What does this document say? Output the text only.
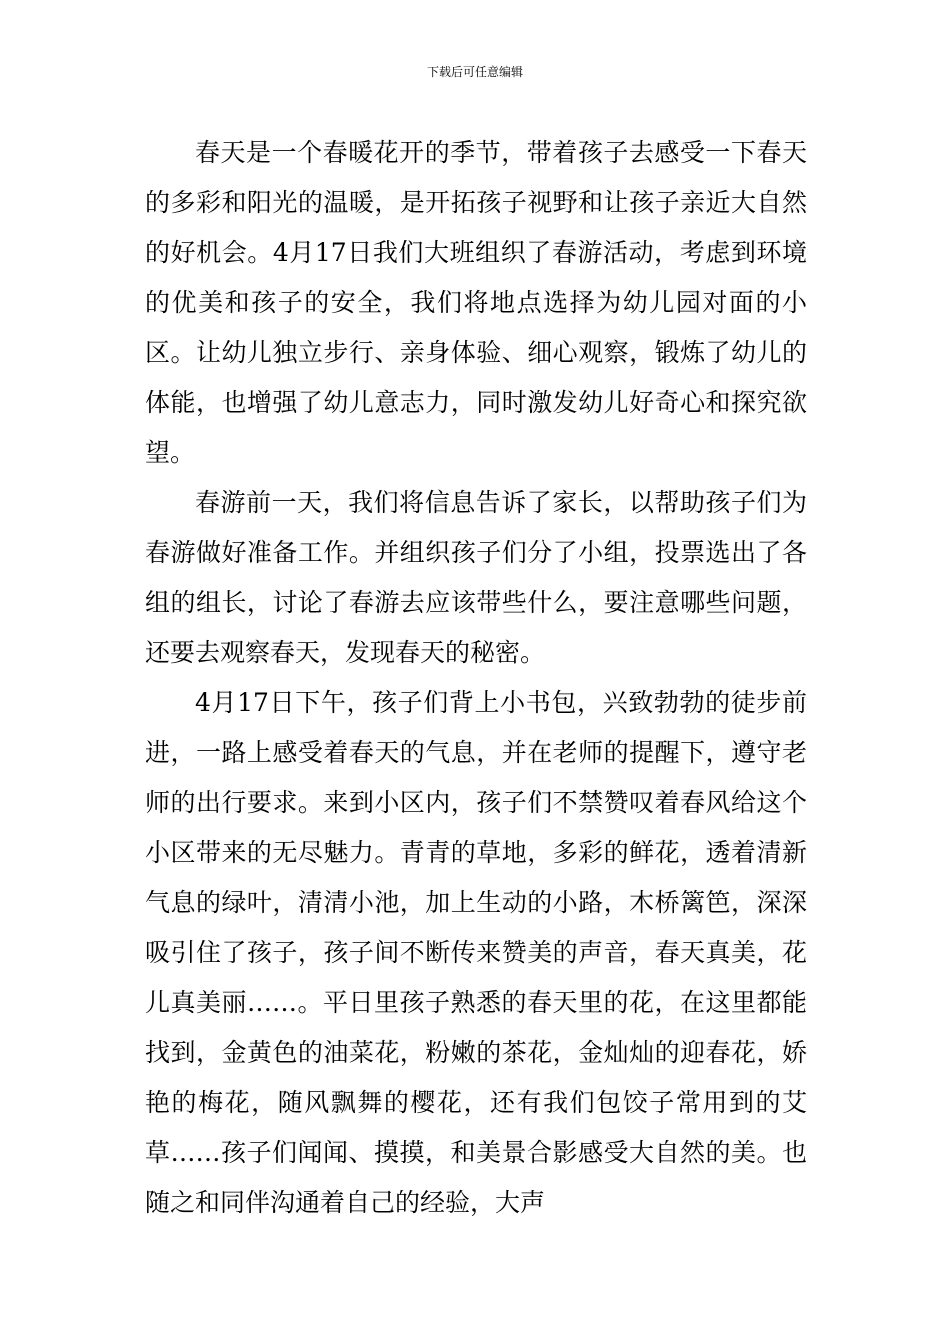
下载后可任意编辑

春天是一个春暖花开的季节，带着孩子去感受一下春天的多彩和阳光的温暖，是开拓孩子视野和让孩子亲近大自然的好机会。4月17日我们大班组织了春游活动，考虑到环境的优美和孩子的安全，我们将地点选择为幼儿园对面的小区。让幼儿独立步行、亲身体验、细心观察，锻炼了幼儿的体能，也增强了幼儿意志力，同时激发幼儿好奇心和探究欲望。

春游前一天，我们将信息告诉了家长，以帮助孩子们为春游做好准备工作。并组织孩子们分了小组，投票选出了各组的组长，讨论了春游去应该带些什么，要注意哪些问题，还要去观察春天，发现春天的秘密。

4月17日下午，孩子们背上小书包，兴致勃勃的徒步前进，一路上感受着春天的气息，并在老师的提醒下，遵守老师的出行要求。来到小区内，孩子们不禁赞叹着春风给这个小区带来的无尽魅力。青青的草地，多彩的鲜花，透着清新气息的绿叶，清清小池，加上生动的小路，木桥篱笆，深深吸引住了孩子，孩子间不断传来赞美的声音，春天真美，花儿真美丽……。平日里孩子熟悉的春天里的花，在这里都能找到，金黄色的油菜花，粉嫩的茶花，金灿灿的迎春花，娇艳的梅花，随风飘舞的樱花，还有我们包饺子常用到的艾草……孩子们闻闻、摸摸，和美景合影感受大自然的美。也随之和同伴沟通着自己的经验，大声
